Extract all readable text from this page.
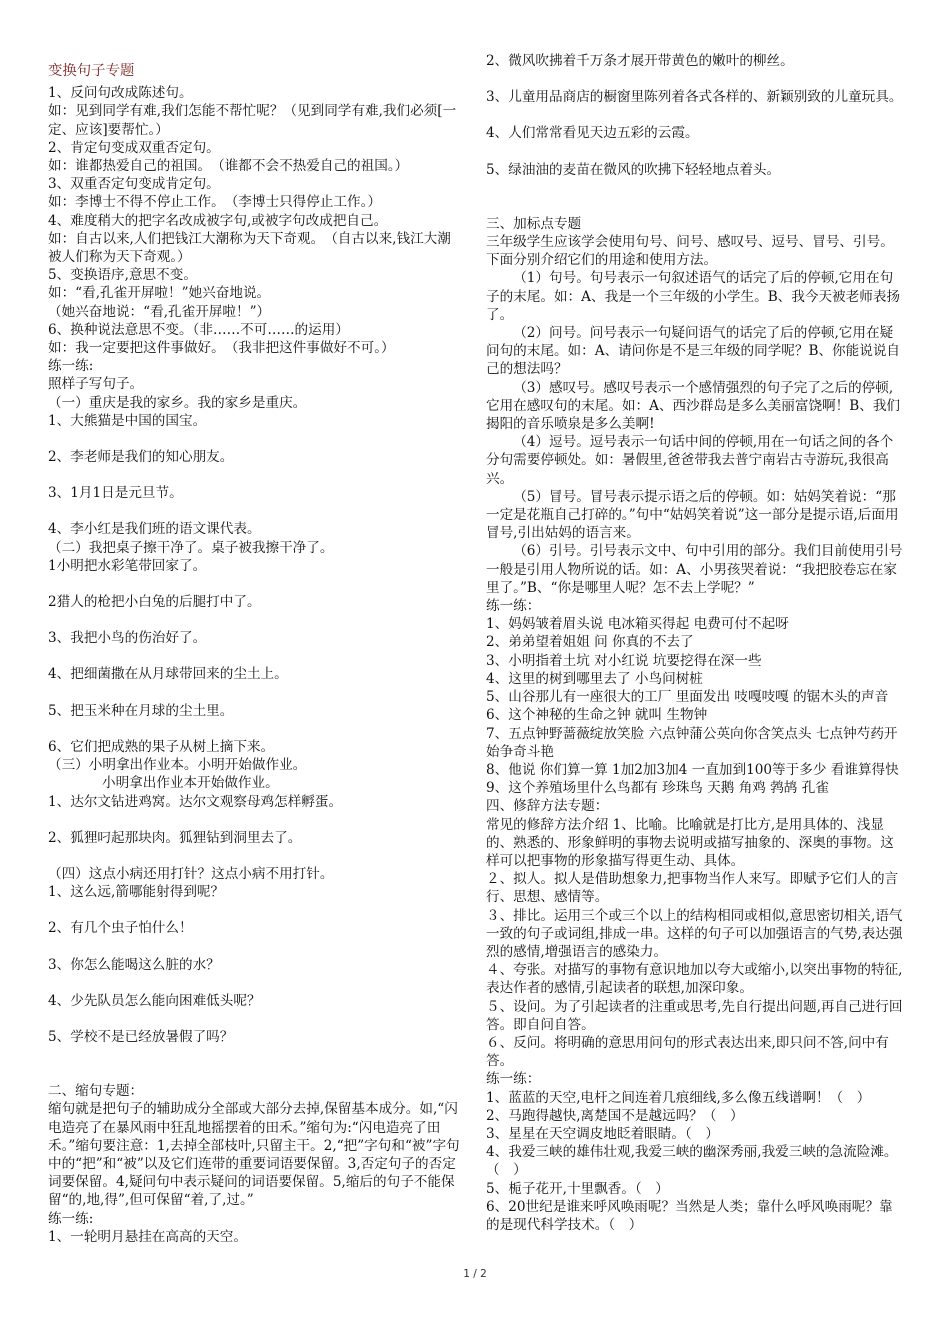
变换句子专题
1、反问句改成陈述句。
如：见到同学有难,我们怎能不帮忙呢？（见到同学有难,我们必须[一定、应该]要帮忙。）
2、肯定句变成双重否定句。
如：谁都热爱自己的祖国。　（谁都不会不热爱自己的祖国。）
3、双重否定句变成肯定句。
如：李博士不得不停止工作。　（李博士只得停止工作。）
4、难度稍大的把字名改成被字句,或被字句改成把自己。
如：自古以来,人们把钱江大潮称为天下奇观。　（自古以来,钱江大潮被人们称为天下奇观。）
5、变换语序,意思不变。
如：“看,孔雀开屏啦！”她兴奋地说。
（她兴奋地说：“看,孔雀开屏啦！”）
6、换种说法意思不变。（非……不可……的运用）
如：我一定要把这件事做好。　（我非把这件事做好不可。）
练一练:
照样子写句子。
（一）重庆是我的家乡。我的家乡是重庆。
1、大熊猫是中国的国宝。
2、李老师是我们的知心朋友。
3、1月1日是元旦节。
4、李小红是我们班的语文课代表。
（二）我把桌子擦干净了。桌子被我擦干净了。
1小明把水彩笔带回家了。
2猎人的枪把小白兔的后腿打中了。
3、我把小鸟的伤治好了。
4、把细菌撒在从月球带回来的尘土上。
5、把玉米种在月球的尘土里。
6、它们把成熟的果子从树上摘下来。
（三）小明拿出作业本。小明开始做作业。
小明拿出作业本开始做作业。
1、达尔文钻进鸡窝。达尔文观察母鸡怎样孵蛋。
2、狐狸叼起那块肉。狐狸钻到洞里去了。
（四）这点小病还用打针？这点小病不用打针。
1、这么远,箭哪能射得到呢？
2、有几个虫子怕什么！
3、你怎么能喝这么脏的水？
4、少先队员怎么能向困难低头呢？
5、学校不是已经放暑假了吗？
二、缩句专题：
缩句就是把句子的辅助成分全部或大部分去掉,保留基本成分。如,“闪电造亮了在暴风雨中狂乱地摇摆着的田禾。”缩句为:“闪电造亮了田禾。”缩句要注意：1,去掉全部枝叶,只留主干。2,“把”字句和“被”字句中的“把”和“被”以及它们连带的重要词语要保留。3,否定句子的否定词要保留。4,疑问句中表示疑问的词语要保留。5,缩后的句子不能保留“的,地,得”,但可保留“着,了,过。”
练一练:
1、一轮明月悬挂在高高的天空。
2、微风吹拂着千万条才展开带黄色的嫩叶的柳丝。
3、儿童用品商店的橱窗里陈列着各式各样的、新颖别致的儿童玩具。
4、人们常常看见天边五彩的云霞。
5、绿油油的麦苗在微风的吹拂下轻轻地点着头。
三、加标点专题
三年级学生应该学会使用句号、问号、感叹号、逗号、冒号、引号。下面分别介绍它们的用途和使用方法。
（1）句号。句号表示一句叙述语气的话完了后的停顿,它用在句子的末尾。如：A、我是一个三年级的小学生。B、我今天被老师表扬了。
（2）问号。问号表示一句疑问语气的话完了后的停顿,它用在疑问句的末尾。如：A、请问你是不是三年级的同学呢？B、你能说说自己的想法吗？
（3）感叹号。感叹号表示一个感情强烈的句子完了之后的停顿,它用在感叹句的末尾。如：A、西沙群岛是多么美丽富饶啊！B、我们揭阳的音乐喷泉是多么美啊!
（4）逗号。逗号表示一句话中间的停顿,用在一句话之间的各个分句需要停顿处。如：暑假里,爸爸带我去普宁南岩古寺游玩,我很高兴。
（5）冒号。冒号表示提示语之后的停顿。如：姑妈笑着说：“那一定是花瓶自己打碎的。”句中“姑妈笑着说”这一部分是提示语,后面用冒号,引出姑妈的语言来。
（6）引号。引号表示文中、句中引用的部分。我们目前使用引号一般是引用人物所说的话。如：A、小男孩哭着说：“我把胶卷忘在家里了。”B、“你是哪里人呢？怎不去上学呢？”
练一练：
1、妈妈皱着眉头说 电冰箱买得起 电费可付不起呀
2、弟弟望着姐姐 问 你真的不去了
3、小明指着土坑 对小红说 坑要挖得在深一些
4、这里的树到哪里去了 小鸟问树桩
5、山谷那儿有一座很大的工厂 里面发出 吱嘎吱嘎 的锯木头的声音
6、这个神秘的生命之钟 就叫 生物钟
7、五点钟野蔷薇绽放笑脸 六点钟蒲公英向你含笑点头 七点钟芍药开始争奇斗艳
8、他说 你们算一算 1加2加3加4 一直加到100等于多少 看谁算得快
9、这个养殖场里什么鸟都有 珍珠鸟 天鹅 角鸡 鹁鸪 孔雀
四、修辞方法专题：
常见的修辞方法介绍 1、比喻。比喻就是打比方,是用具体的、浅显的、熟悉的、形象鲜明的事物去说明或描写抽象的、深奥的事物。这样可以把事物的形象描写得更生动、具体。
２、拟人。拟人是借助想象力,把事物当作人来写。即赋予它们人的言行、思想、感情等。
３、排比。运用三个或三个以上的结构相同或相似,意思密切相关,语气一致的句子或词组,排成一串。这样的句子可以加强语言的气势,表达强烈的感情,增强语言的感染力。
４、夸张。对描写的事物有意识地加以夸大或缩小,以突出事物的特征,表达作者的感情,引起读者的联想,加深印象。
５、设问。为了引起读者的注重或思考,先自行提出问题,再自己进行回答。即自问自答。
６、反问。将明确的意思用问句的形式表达出来,即只问不答,问中有答。
练一练：
1、蓝蓝的天空,电杆之间连着几痕细线,多么像五线谱啊！（　）
2、马跑得越快,离楚国不是越远吗？（　）
3、星星在天空调皮地眨着眼睛。（　）
4、我爱三峡的雄伟壮观,我爱三峡的幽深秀丽,我爱三峡的急流险滩。（　）
5、栀子花开,十里飘香。（　）
6、20世纪是谁来呼风唤雨呢？当然是人类；靠什么呼风唤雨呢？靠的是现代科学技术。（　）
1 / 2
